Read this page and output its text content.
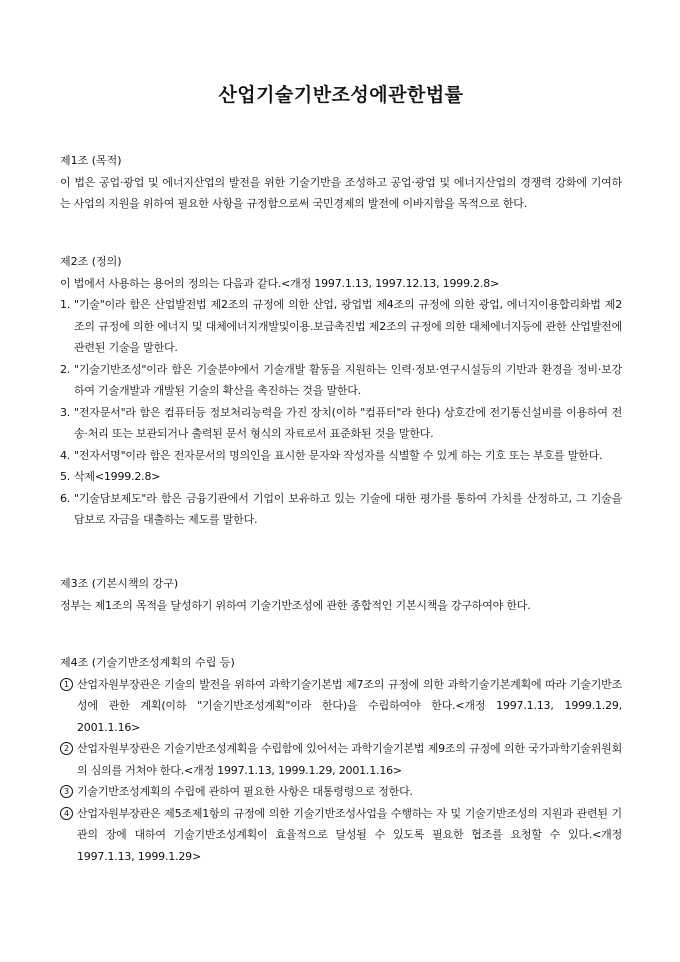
산업기술기반조성에관한법률

제1조 (목적)

이 법은 공업·광업 및 에너지산업의 발전을 위한 기술기반을 조성하고 공업·광업 및 에너지산업의 경쟁력 강화에 기여하는 사업의 지원을 위하여 필요한 사항을 규정함으로써 국민경제의 발전에 이바지함을 목적으로 한다.

제2조 (정의)

이 법에서 사용하는 용어의 정의는 다음과 같다.<개정 1997.1.13, 1997.12.13, 1999.2.8>

1. "기술"이라 함은 산업발전법 제2조의 규정에 의한 산업, 광업법 제4조의 규정에 의한 광업, 에너지이용합리화법 제2조의 규정에 의한 에너지 및 대체에너지개발및이용.보급촉진법 제2조의 규정에 의한 대체에너지등에 관한 산업발전에 관련된 기술을 말한다.
2. "기술기반조성"이라 함은 기술분야에서 기술개발 활동을 지원하는 인력·정보·연구시설등의 기반과 환경을 정비·보강하여 기술개발과 개발된 기술의 확산을 촉진하는 것을 말한다.
3. "전자문서"라 함은 컴퓨터등 정보처리능력을 가진 장치(이하 "컴퓨터"라 한다) 상호간에 전기통신설비를 이용하여 전송·처리 또는 보관되거나 출력된 문서 형식의 자료로서 표준화된 것을 말한다.
4. "전자서명"이라 함은 전자문서의 명의인을 표시한 문자와 작성자를 식별할 수 있게 하는 기호 또는 부호를 말한다.
5. 삭제<1999.2.8>
6. "기술담보제도"라 함은 금융기관에서 기업이 보유하고 있는 기술에 대한 평가를 통하여 가치를 산정하고, 그 기술을 담보로 자금을 대출하는 제도를 말한다.

제3조 (기본시책의 강구)

정부는 제1조의 목적을 달성하기 위하여 기술기반조성에 관한 종합적인 기본시책을 강구하여야 한다.

제4조 (기술기반조성계획의 수립 등)

1 산업자원부장관은 기술의 발전을 위하여 과학기술기본법 제7조의 규정에 의한 과학기술기본계획에 따라 기술기반조성에 관한 계획(이하 "기술기반조성계획"이라 한다)을 수립하여야 한다.<개정 1997.1.13, 1999.1.29, 2001.1.16>
2 산업자원부장관은 기술기반조성계획을 수립함에 있어서는 과학기술기본법 제9조의 규정에 의한 국가과학기술위원회의 심의를 거쳐야 한다.<개정 1997.1.13, 1999.1.29, 2001.1.16>
3 기술기반조성계획의 수립에 관하여 필요한 사항은 대통령령으로 정한다.
4 산업자원부장관은 제5조제1항의 규정에 의한 기술기반조성사업을 수행하는 자 및 기술기반조성의 지원과 관련된 기관의 장에 대하여 기술기반조성계획이 효율적으로 달성될 수 있도록 필요한 협조를 요청할 수 있다.<개정 1997.1.13, 1999.1.29>
